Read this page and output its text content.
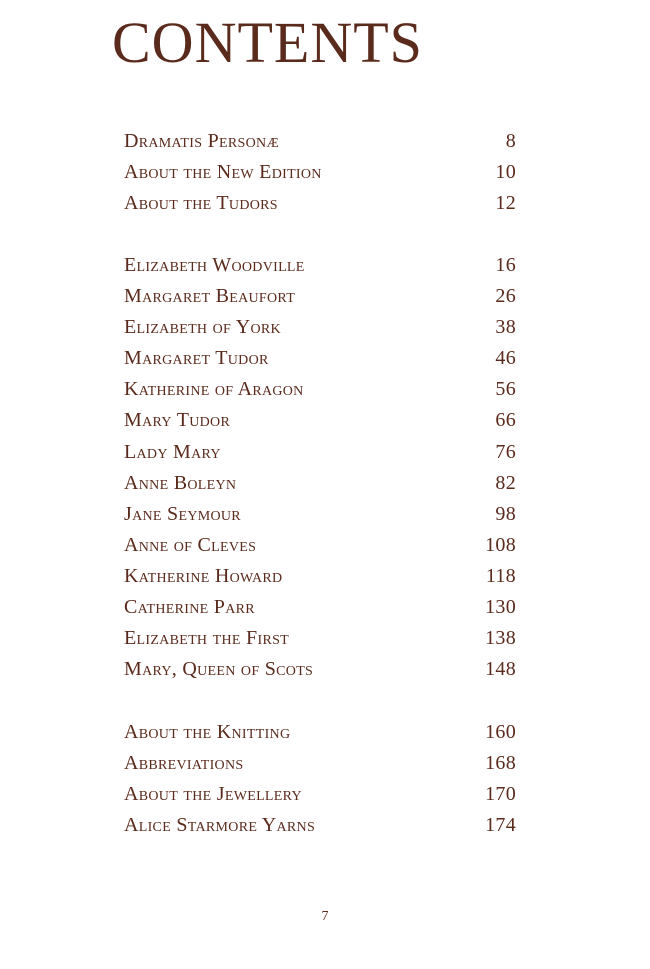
CONTENTS
Dramatis Personæ	8
About the New Edition	10
About the Tudors	12
Elizabeth Woodville	16
Margaret Beaufort	26
Elizabeth of York	38
Margaret Tudor	46
Katherine of Aragon	56
Mary Tudor	66
Lady Mary	76
Anne Boleyn	82
Jane Seymour	98
Anne of Cleves	108
Katherine Howard	118
Catherine Parr	130
Elizabeth the First	138
Mary, Queen of Scots	148
About the Knitting	160
Abbreviations	168
About the Jewellery	170
Alice Starmore Yarns	174
7
